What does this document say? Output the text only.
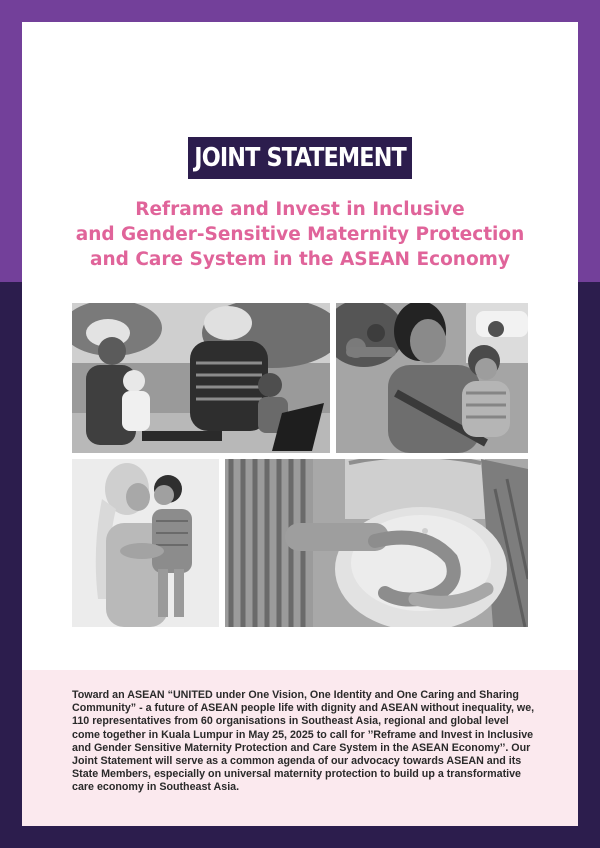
JOINT STATEMENT
Reframe and Invest in Inclusive
and Gender-Sensitive Maternity Protection
and Care System in the ASEAN Economy

Toward an ASEAN “UNITED under One Vision, One Identity and One Caring and Sharing Community” - a future of ASEAN people life with dignity and ASEAN without inequality, we, 110 representatives from 60 organisations in Southeast Asia, regional and global level come together in Kuala Lumpur in May 25, 2025 to call for ’’Reframe and Invest in Inclusive and Gender Sensitive Maternity Protection and Care System in the ASEAN Economy’’. Our Joint Statement will serve as a common agenda of our advocacy towards ASEAN and its State Members, especially on universal maternity protection to build up a transformative care economy in Southeast Asia.
